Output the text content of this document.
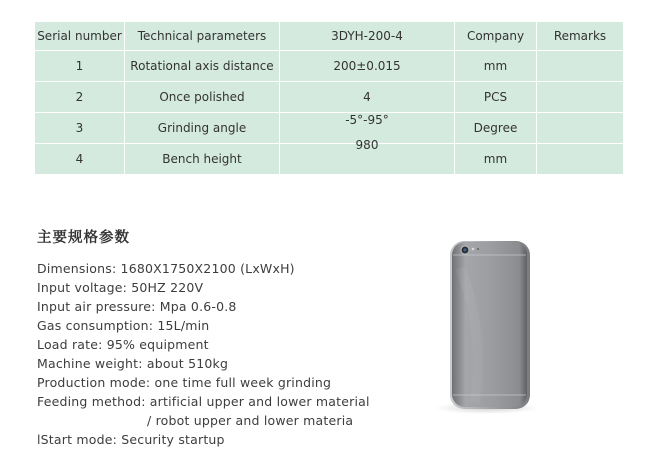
Serial number	Technical parameters	3DYH-200-4	Company	Remarks
1	Rotational axis distance	200±0.015	mm	
2	Once polished	4	PCS	
3	Grinding angle	-5°-95°	Degree	
4	Bench height	980	mm	
主要规格参数
Dimensions: 1680X1750X2100 (LxWxH)
Input voltage: 50HZ 220V
Input air pressure: Mpa 0.6-0.8
Gas consumption: 15L/min
Load rate: 95% equipment
Machine weight: about 510kg
Production mode: one time full week grinding
Feeding method: artificial upper and lower material
/ robot upper and lower materia
lStart mode: Security startup
